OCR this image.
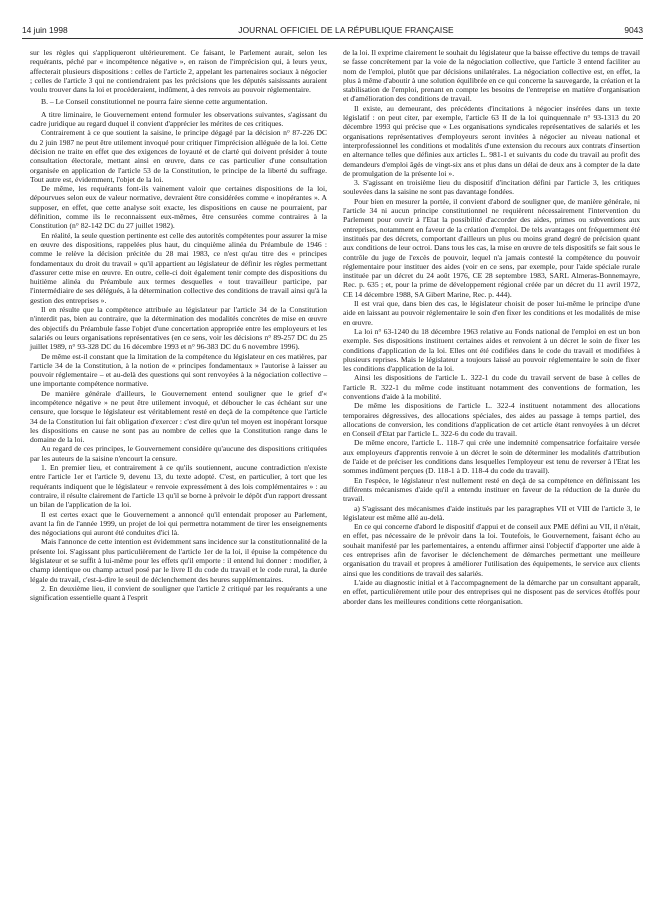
14 juin 1998	JOURNAL OFFICIEL DE LA RÉPUBLIQUE FRANÇAISE	9043

sur les règles qui s'appliqueront ultérieurement. Ce faisant, le Parlement aurait, selon les requérants, péché par « incompétence négative », en raison de l'imprécision qui, à leurs yeux, affecterait plusieurs dispositions : celles de l'article 2, appelant les partenaires sociaux à négocier ; celles de l'article 3 qui ne contiendraient pas les précisions que les députés saisissants auraient voulu trouver dans la loi et procéderaient, indûment, à des renvois au pouvoir réglementaire.

B. – Le Conseil constitutionnel ne pourra faire sienne cette argumentation.

A titre liminaire, le Gouvernement entend formuler les observations suivantes, s'agissant du cadre juridique au regard duquel il convient d'apprécier les mérites de ces critiques.

Contrairement à ce que soutient la saisine, le principe dégagé par la décision n° 87-226 DC du 2 juin 1987 ne peut être utilement invoqué pour critiquer l'imprécision alléguée de la loi. Cette décision ne traite en effet que des exigences de loyauté et de clarté qui doivent présider à toute consultation électorale, mettant ainsi en œuvre, dans ce cas particulier d'une consultation organisée en application de l'article 53 de la Constitution, le principe de la liberté du suffrage. Tout autre est, évidemment, l'objet de la loi.

De même, les requérants font-ils vainement valoir que certaines dispositions de la loi, dépourvues selon eux de valeur normative, devraient être considérées comme « inopérantes ». A supposer, en effet, que cette analyse soit exacte, les dispositions en cause ne pourraient, par définition, comme ils le reconnaissent eux-mêmes, être censurées comme contraires à la Constitution (n° 82-142 DC du 27 juillet 1982).

En réalité, la seule question pertinente est celle des autorités compétentes pour assurer la mise en œuvre des dispositions, rappelées plus haut, du cinquième alinéa du Préambule de 1946 : comme le relève la décision précitée du 28 mai 1983, ce n'est qu'au titre des « principes fondamentaux du droit du travail » qu'il appartient au législateur de définir les règles permettant d'assurer cette mise en œuvre. En outre, celle-ci doit également tenir compte des dispositions du huitième alinéa du Préambule aux termes desquelles « tout travailleur participe, par l'intermédiaire de ses délégués, à la détermination collective des conditions de travail ainsi qu'à la gestion des entreprises ».

Il en résulte que la compétence attribuée au législateur par l'article 34 de la Constitution n'interdit pas, bien au contraire, que la détermination des modalités concrètes de mise en œuvre des objectifs du Préambule fasse l'objet d'une concertation appropriée entre les employeurs et les salariés ou leurs organisations représentatives (en ce sens, voir les décisions n° 89-257 DC du 25 juillet 1989, n° 93-328 DC du 16 décembre 1993 et n° 96-383 DC du 6 novembre 1996).

De même est-il constant que la limitation de la compétence du législateur en ces matières, par l'article 34 de la Constitution, à la notion de « principes fondamentaux » l'autorise à laisser au pouvoir réglementaire – et au-delà des questions qui sont renvoyées à la négociation collective – une importante compétence normative.

De manière générale d'ailleurs, le Gouvernement entend souligner que le grief d'« incompétence négative » ne peut être utilement invoqué, et déboucher le cas échéant sur une censure, que lorsque le législateur est véritablement resté en deçà de la compétence que l'article 34 de la Constitution lui fait obligation d'exercer : c'est dire qu'un tel moyen est inopérant lorsque les dispositions en cause ne sont pas au nombre de celles que la Constitution range dans le domaine de la loi.

Au regard de ces principes, le Gouvernement considère qu'aucune des dispositions critiquées par les auteurs de la saisine n'encourt la censure.

1. En premier lieu, et contrairement à ce qu'ils soutiennent, aucune contradiction n'existe entre l'article 1er et l'article 9, devenu 13, du texte adopté. C'est, en particulier, à tort que les requérants indiquent que le législateur « renvoie expressément à des lois complémentaires » : au contraire, il résulte clairement de l'article 13 qu'il se borne à prévoir le dépôt d'un rapport dressant un bilan de l'application de la loi.

Il est certes exact que le Gouvernement a annoncé qu'il entendait proposer au Parlement, avant la fin de l'année 1999, un projet de loi qui permettra notamment de tirer les enseignements des négociations qui auront été conduites d'ici là.

Mais l'annonce de cette intention est évidemment sans incidence sur la constitutionnalité de la présente loi. S'agissant plus particulièrement de l'article 1er de la loi, il épuise la compétence du législateur et se suffit à lui-même pour les effets qu'il emporte : il entend lui donner : modifier, à champ identique ou champ actuel posé par le livre II du code du travail et le code rural, la durée légale du travail, c'est-à-dire le seuil de déclenchement des heures supplémentaires.

2. En deuxième lieu, il convient de souligner que l'article 2 critiqué par les requérants a une signification essentielle quant à l'esprit

de la loi. Il exprime clairement le souhait du législateur que la baisse effective du temps de travail se fasse concrètement par la voie de la négociation collective, que l'article 3 entend faciliter au nom de l'emploi, plutôt que par décisions unilatérales. La négociation collective est, en effet, la plus à même d'aboutir à une solution équilibrée en ce qui concerne la sauvegarde, la création et la stabilisation de l'emploi, prenant en compte les besoins de l'entreprise en matière d'organisation et d'amélioration des conditions de travail.

Il existe, au demeurant, des précédents d'incitations à négocier insérées dans un texte législatif : on peut citer, par exemple, l'article 63 II de la loi quinquennale n° 93-1313 du 20 décembre 1993 qui précise que « Les organisations syndicales représentatives de salariés et les organisations représentatives d'employeurs seront invitées à négocier au niveau national et interprofessionnel les conditions et modalités d'une extension du recours aux contrats d'insertion en alternance telles que définies aux articles L. 981-1 et suivants du code du travail au profit des demandeurs d'emploi âgés de vingt-six ans et plus dans un délai de deux ans à compter de la date de promulgation de la présente loi ».

3. S'agissant en troisième lieu du dispositif d'incitation défini par l'article 3, les critiques soulevées dans la saisine ne sont pas davantage fondées.

Pour bien en mesurer la portée, il convient d'abord de souligner que, de manière générale, ni l'article 34 ni aucun principe constitutionnel ne requièrent nécessairement l'intervention du Parlement pour ouvrir à l'Etat la possibilité d'accorder des aides, primes ou subventions aux entreprises, notamment en faveur de la création d'emploi. De tels avantages ont fréquemment été institués par des décrets, comportant d'ailleurs un plus ou moins grand degré de précision quant aux conditions de leur octroi. Dans tous les cas, la mise en œuvre de tels dispositifs se fait sous le contrôle du juge de l'excès de pouvoir, lequel n'a jamais contesté la compétence du pouvoir réglementaire pour instituer des aides (voir en ce sens, par exemple, pour l'aide spéciale rurale instituée par un décret du 24 août 1976, CE 28 septembre 1983, SARL Almeras-Bonnemayre, Rec. p. 635 ; et, pour la prime de développement régional créée par un décret du 11 avril 1972, CE 14 décembre 1988, SA Gibert Marine, Rec. p. 444).

Il est vrai que, dans bien des cas, le législateur choisit de poser lui-même le principe d'une aide en laissant au pouvoir réglementaire le soin d'en fixer les conditions et les modalités de mise en œuvre.

La loi n° 63-1240 du 18 décembre 1963 relative au Fonds national de l'emploi en est un bon exemple. Ses dispositions instituent certaines aides et renvoient à un décret le soin de fixer les conditions d'application de la loi. Elles ont été codifiées dans le code du travail et modifiées à plusieurs reprises. Mais le législateur a toujours laissé au pouvoir réglementaire le soin de fixer les conditions d'application de la loi.

Ainsi les dispositions de l'article L. 322-1 du code du travail servent de base à celles de l'article R. 322-1 du même code instituant notamment des conventions de formation, les conventions d'aide à la mobilité.

De même les dispositions de l'article L. 322-4 instituent notamment des allocations temporaires dégressives, des allocations spéciales, des aides au passage à temps partiel, des allocations de conversion, les conditions d'application de cet article étant renvoyées à un décret en Conseil d'Etat par l'article L. 322-6 du code du travail.

De même encore, l'article L. 118-7 qui crée une indemnité compensatrice forfaitaire versée aux employeurs d'apprentis renvoie à un décret le soin de déterminer les modalités d'attribution de l'aide et de préciser les conditions dans lesquelles l'employeur est tenu de reverser à l'Etat les sommes indûment perçues (D. 118-1 à D. 118-4 du code du travail).

En l'espèce, le législateur n'est nullement resté en deçà de sa compétence en définissant les différents mécanismes d'aide qu'il a entendu instituer en faveur de la réduction de la durée du travail.

a) S'agissant des mécanismes d'aide institués par les paragraphes VII et VIII de l'article 3, le législateur est même allé au-delà.

En ce qui concerne d'abord le dispositif d'appui et de conseil aux PME défini au VII, il n'était, en effet, pas nécessaire de le prévoir dans la loi. Toutefois, le Gouvernement, faisant écho au souhait manifesté par les parlementaires, a entendu affirmer ainsi l'objectif d'apporter une aide à ces entreprises afin de favoriser le déclenchement de démarches permettant une meilleure organisation du travail et propres à améliorer l'utilisation des équipements, le service aux clients ainsi que les conditions de travail des salariés.

L'aide au diagnostic initial et à l'accompagnement de la démarche par un consultant apparaît, en effet, particulièrement utile pour des entreprises qui ne disposent pas de services étoffés pour aborder dans les meilleures conditions cette réorganisation.
